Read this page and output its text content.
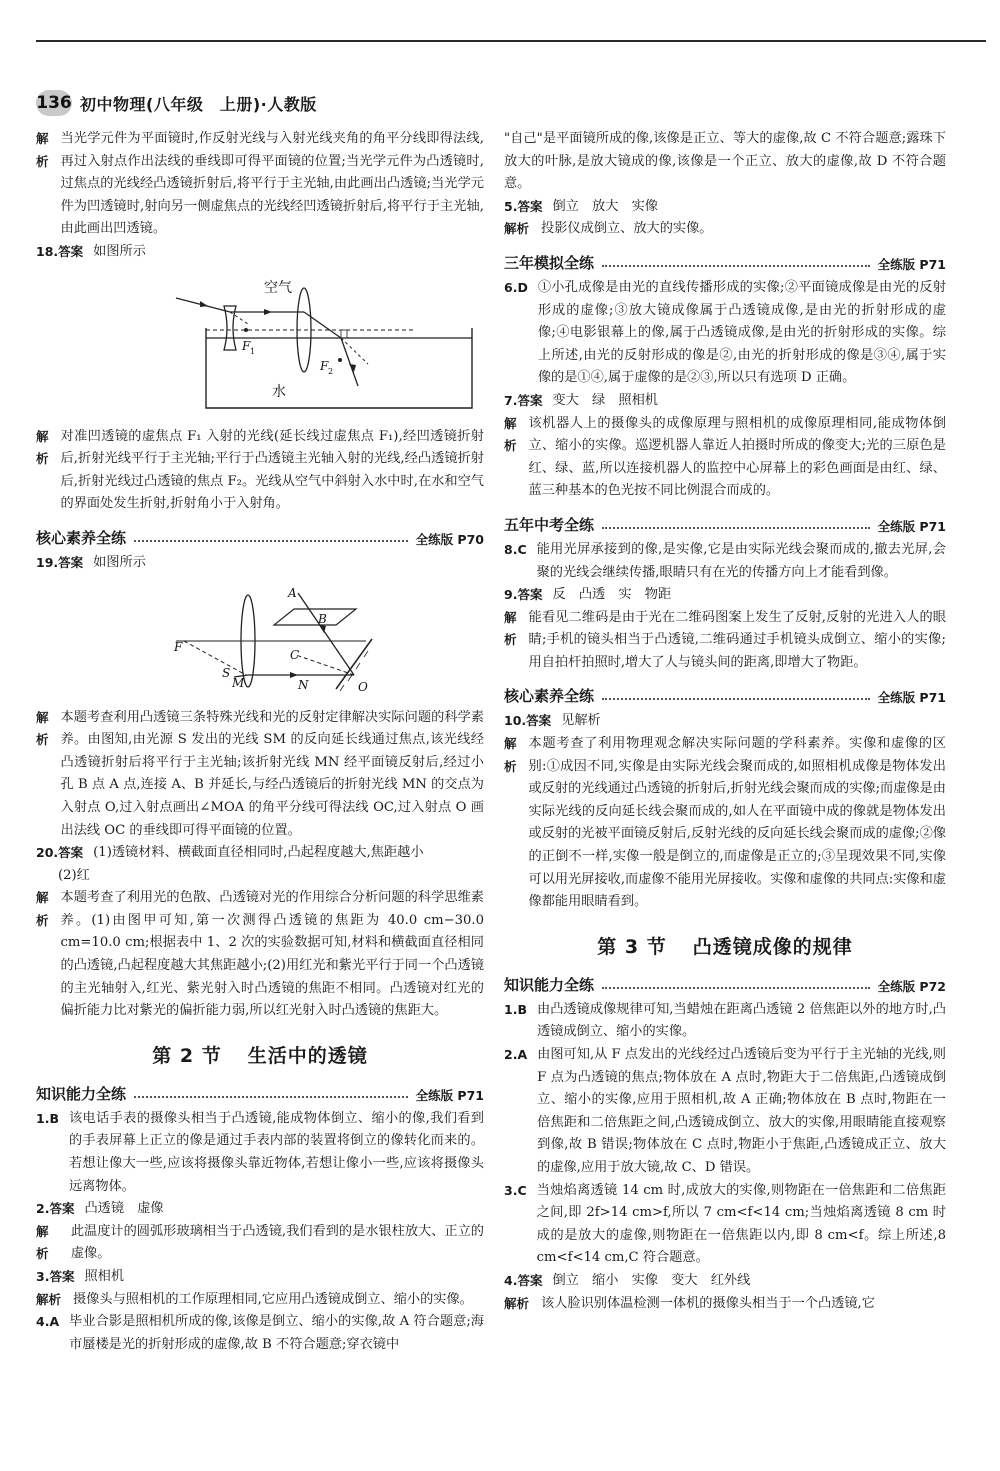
136 初中物理(八年级　上册)·人教版
解析
当光学元件为平面镜时,作反射光线与入射光线夹角的角平分线即得法线,再过入射点作出法线的垂线即可得平面镜的位置;当光学元件为凸透镜时,过焦点的光线经凸透镜折射后,将平行于主光轴,由此画出凸透镜;当光学元件为凹透镜时,射向另一侧虚焦点的光线经凹透镜折射后,将平行于主光轴,由此画出凹透镜。
18.答案 如图所示
空气
水
F 1
F 2
解析
对准凹透镜的虚焦点 F₁ 入射的光线(延长线过虚焦点 F₁),经凹透镜折射后,折射光线平行于主光轴;平行于凸透镜主光轴入射的光线,经凸透镜折射后,折射光线过凸透镜的焦点 F₂。光线从空气中斜射入水中时,在水和空气的界面处发生折射,折射角小于入射角。
核心素养全练	全练版 P70
19.答案 如图所示
A
B
F
S
M
C
N	O
解析
本题考查利用凸透镜三条特殊光线和光的反射定律解决实际问题的科学素养。由图知,由光源 S 发出的光线 SM 的反向延长线通过焦点,该光线经凸透镜折射后将平行于主光轴;该折射光线 MN 经平面镜反射后,经过小孔 B 点 A 点,连接 A、B 并延长,与经凸透镜后的折射光线 MN 的交点为入射点 O,过入射点画出∠MOA 的角平分线可得法线 OC,过入射点 O 画出法线 OC 的垂线即可得平面镜的位置。
20.答案 (1)透镜材料、横截面直径相同时,凸起程度越大,焦距越小

(2)红

解析
本题考查了利用光的色散、凸透镜对光的作用综合分析问题的科学思维素养。(1)由图甲可知,第一次测得凸透镜的焦距为 40.0 cm−30.0 cm=10.0 cm;根据表中 1、2 次的实验数据可知,材料和横截面直径相同的凸透镜,凸起程度越大其焦距越小;(2)用红光和紫光平行于同一个凸透镜的主光轴射入,红光、紫光射入时凸透镜的焦距不相同。凸透镜对红光的偏折能力比对紫光的偏折能力弱,所以红光射入时凸透镜的焦距大。
第 2 节 生活中的透镜
知识能力全练	全练版 P71
1.B 该电话手表的摄像头相当于凸透镜,能成物体倒立、缩小的像,我们看到的手表屏幕上正立的像是通过手表内部的装置将倒立的像转化而来的。若想让像大一些,应该将摄像头靠近物体,若想让像小一些,应该将摄像头远离物体。
2.答案 凸透镜　虚像
解析
此温度计的圆弧形玻璃相当于凸透镜,我们看到的是水银柱放大、正立的虚像。
3.答案 照相机
解析 摄像头与照相机的工作原理相同,它应用凸透镜成倒立、缩小的实像。
4.A 毕业合影是照相机所成的像,该像是倒立、缩小的实像,故 A 符合题意;海市蜃楼是光的折射形成的虚像,故 B 不符合题意;穿衣镜中

"自己"是平面镜所成的像,该像是正立、等大的虚像,故 C 不符合题意;露珠下放大的叶脉,是放大镜成的像,该像是一个正立、放大的虚像,故 D 不符合题意。

5.答案 倒立　放大　实像
解析 投影仪成倒立、放大的实像。
三年模拟全练	全练版 P71
6.D ①小孔成像是由光的直线传播形成的实像;②平面镜成像是由光的反射形成的虚像;③放大镜成像属于凸透镜成像,是由光的折射形成的虚像;④电影银幕上的像,属于凸透镜成像,是由光的折射形成的实像。综上所述,由光的反射形成的像是②,由光的折射形成的像是③④,属于实像的是①④,属于虚像的是②③,所以只有选项 D 正确。
7.答案 变大　绿　照相机
解析
该机器人上的摄像头的成像原理与照相机的成像原理相同,能成物体倒立、缩小的实像。巡逻机器人靠近人拍摄时所成的像变大;光的三原色是红、绿、蓝,所以连接机器人的监控中心屏幕上的彩色画面是由红、绿、蓝三种基本的色光按不同比例混合而成的。
五年中考全练	全练版 P71
8.C 能用光屏承接到的像,是实像,它是由实际光线会聚而成的,撤去光屏,会聚的光线会继续传播,眼睛只有在光的传播方向上才能看到像。
9.答案 反　凸透　实　物距
解析
能看见二维码是由于光在二维码图案上发生了反射,反射的光进入人的眼睛;手机的镜头相当于凸透镜,二维码通过手机镜头成倒立、缩小的实像;用自拍杆拍照时,增大了人与镜头间的距离,即增大了物距。
核心素养全练	全练版 P71
10.答案 见解析
解析
本题考查了利用物理观念解决实际问题的学科素养。实像和虚像的区别:①成因不同,实像是由实际光线会聚而成的,如照相机成像是物体发出或反射的光线通过凸透镜的折射后,折射光线会聚而成的实像;而虚像是由实际光线的反向延长线会聚而成的,如人在平面镜中成的像就是物体发出或反射的光被平面镜反射后,反射光线的反向延长线会聚而成的虚像;②像的正倒不一样,实像一般是倒立的,而虚像是正立的;③呈现效果不同,实像可以用光屏接收,而虚像不能用光屏接收。实像和虚像的共同点:实像和虚像都能用眼睛看到。
第 3 节 凸透镜成像的规律
知识能力全练	全练版 P72
1.B 由凸透镜成像规律可知,当蜡烛在距离凸透镜 2 倍焦距以外的地方时,凸透镜成倒立、缩小的实像。
2.A 由图可知,从 F 点发出的光线经过凸透镜后变为平行于主光轴的光线,则 F 点为凸透镜的焦点;物体放在 A 点时,物距大于二倍焦距,凸透镜成倒立、缩小的实像,应用于照相机,故 A 正确;物体放在 B 点时,物距在一倍焦距和二倍焦距之间,凸透镜成倒立、放大的实像,用眼睛能直接观察到像,故 B 错误;物体放在 C 点时,物距小于焦距,凸透镜成正立、放大的虚像,应用于放大镜,故 C、D 错误。
3.C 当烛焰离透镜 14 cm 时,成放大的实像,则物距在一倍焦距和二倍焦距之间,即 2f>14 cm>f,所以 7 cm<f<14 cm;当烛焰离透镜 8 cm 时成的是放大的虚像,则物距在一倍焦距以内,即 8 cm<f。综上所述,8 cm<f<14 cm,C 符合题意。
4.答案 倒立　缩小　实像　变大　红外线
解析 该人脸识别体温检测一体机的摄像头相当于一个凸透镜,它
